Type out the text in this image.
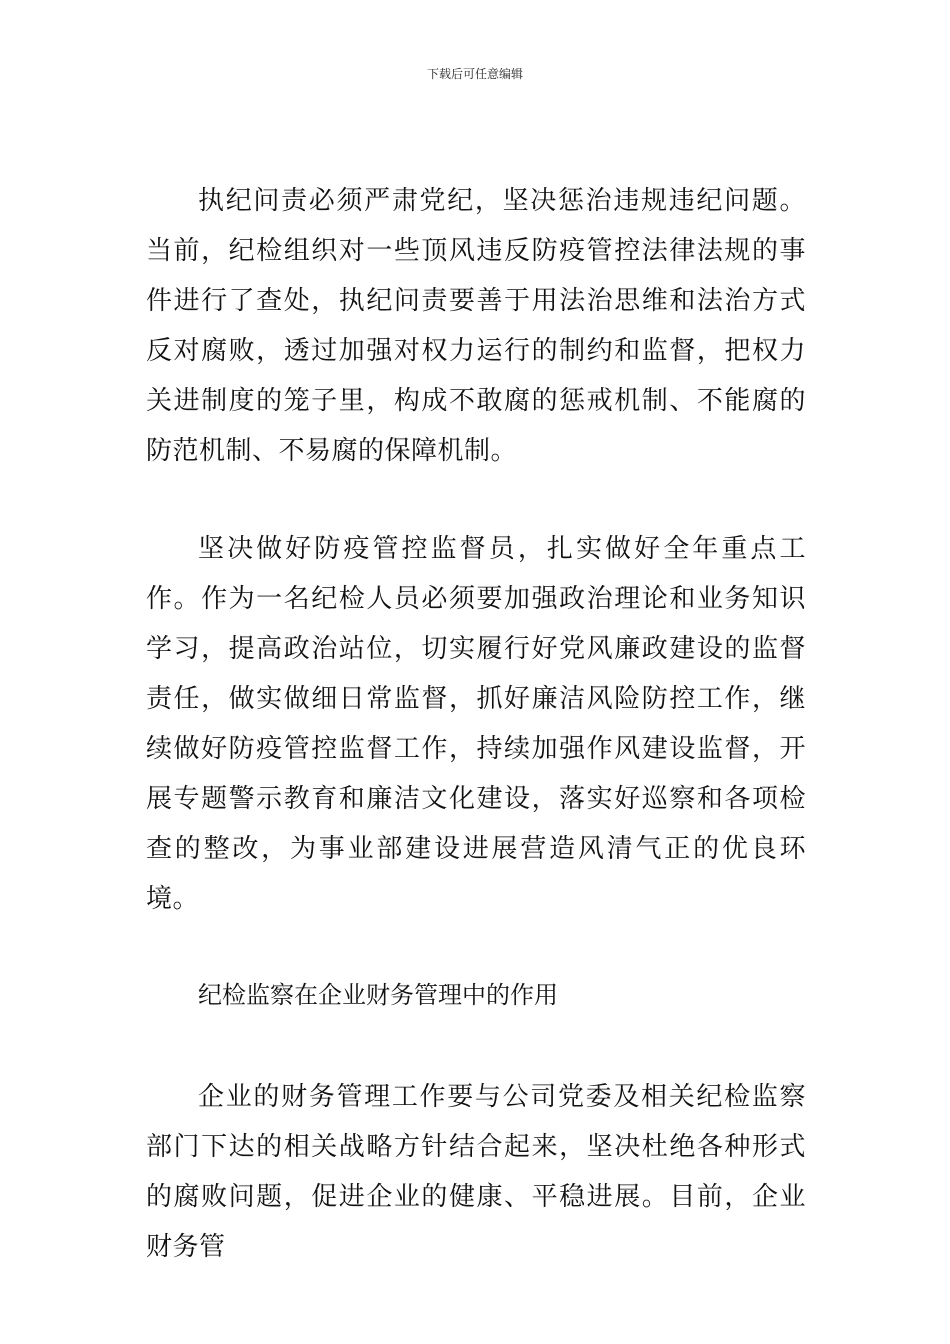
下载后可任意编辑

执纪问责必须严肃党纪，坚决惩治违规违纪问题。当前，纪检组织对一些顶风违反防疫管控法律法规的事件进行了查处，执纪问责要善于用法治思维和法治方式反对腐败，透过加强对权力运行的制约和监督，把权力关进制度的笼子里，构成不敢腐的惩戒机制、不能腐的防范机制、不易腐的保障机制。

坚决做好防疫管控监督员，扎实做好全年重点工作。作为一名纪检人员必须要加强政治理论和业务知识学习，提高政治站位，切实履行好党风廉政建设的监督责任，做实做细日常监督，抓好廉洁风险防控工作，继续做好防疫管控监督工作，持续加强作风建设监督，开展专题警示教育和廉洁文化建设，落实好巡察和各项检查的整改，为事业部建设进展营造风清气正的优良环境。

纪检监察在企业财务管理中的作用

企业的财务管理工作要与公司党委及相关纪检监察部门下达的相关战略方针结合起来，坚决杜绝各种形式的腐败问题，促进企业的健康、平稳进展。目前，企业财务管
